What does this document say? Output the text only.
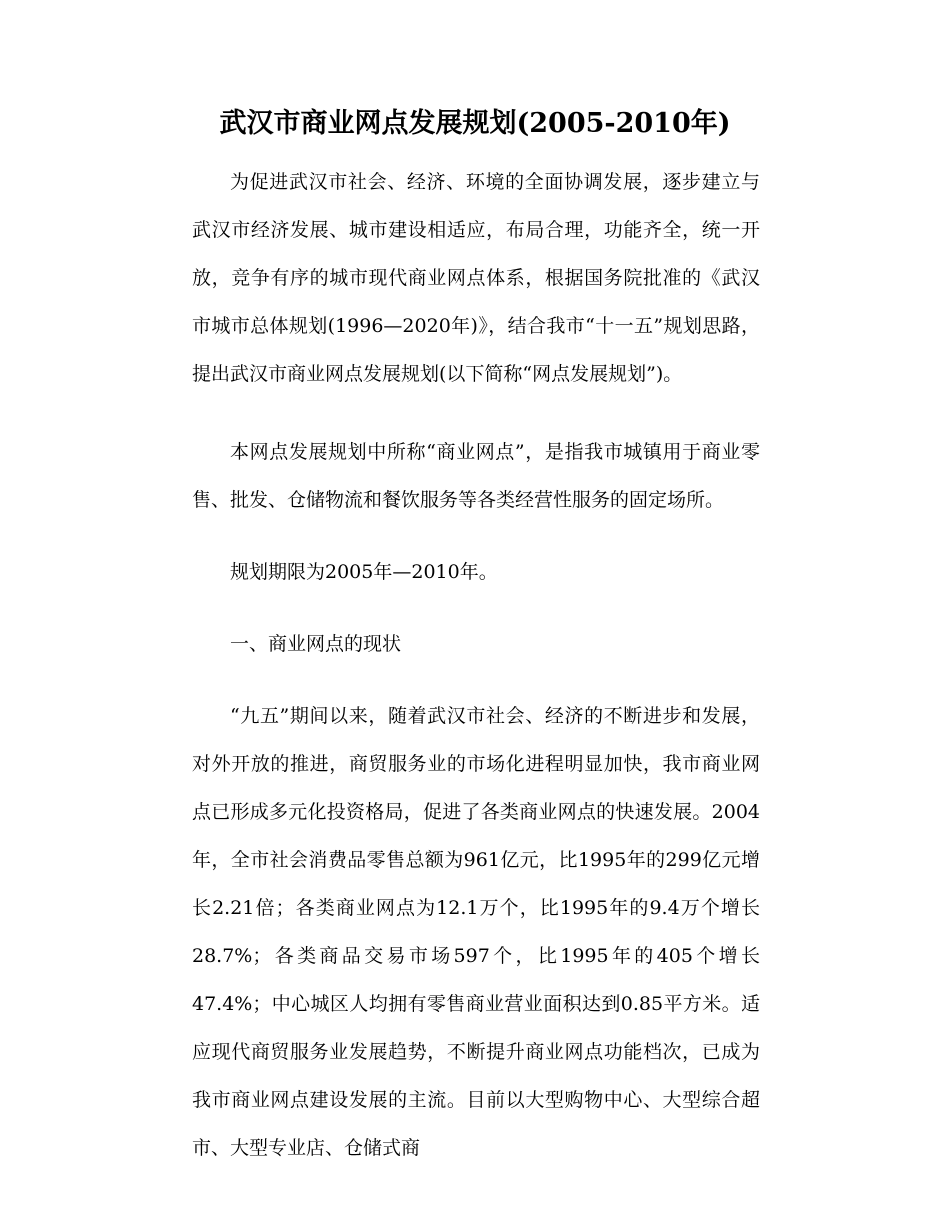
武汉市商业网点发展规划(2005-2010年)

为促进武汉市社会、经济、环境的全面协调发展，逐步建立与武汉市经济发展、城市建设相适应，布局合理，功能齐全，统一开放，竞争有序的城市现代商业网点体系，根据国务院批准的《武汉市城市总体规划(1996—2020年)》，结合我市“十一五”规划思路，提出武汉市商业网点发展规划(以下简称“网点发展规划”)。

本网点发展规划中所称“商业网点”，是指我市城镇用于商业零售、批发、仓储物流和餐饮服务等各类经营性服务的固定场所。

规划期限为2005年—2010年。

一、商业网点的现状

“九五”期间以来，随着武汉市社会、经济的不断进步和发展，对外开放的推进，商贸服务业的市场化进程明显加快，我市商业网点已形成多元化投资格局，促进了各类商业网点的快速发展。2004年，全市社会消费品零售总额为961亿元，比1995年的299亿元增长2.21倍；各类商业网点为12.1万个，比1995年的9.4万个增长28.7%；各类商品交易市场597个，比1995年的405个增长47.4%；中心城区人均拥有零售商业营业面积达到0.85平方米。适应现代商贸服务业发展趋势，不断提升商业网点功能档次，已成为我市商业网点建设发展的主流。目前以大型购物中心、大型综合超市、大型专业店、仓储式商
